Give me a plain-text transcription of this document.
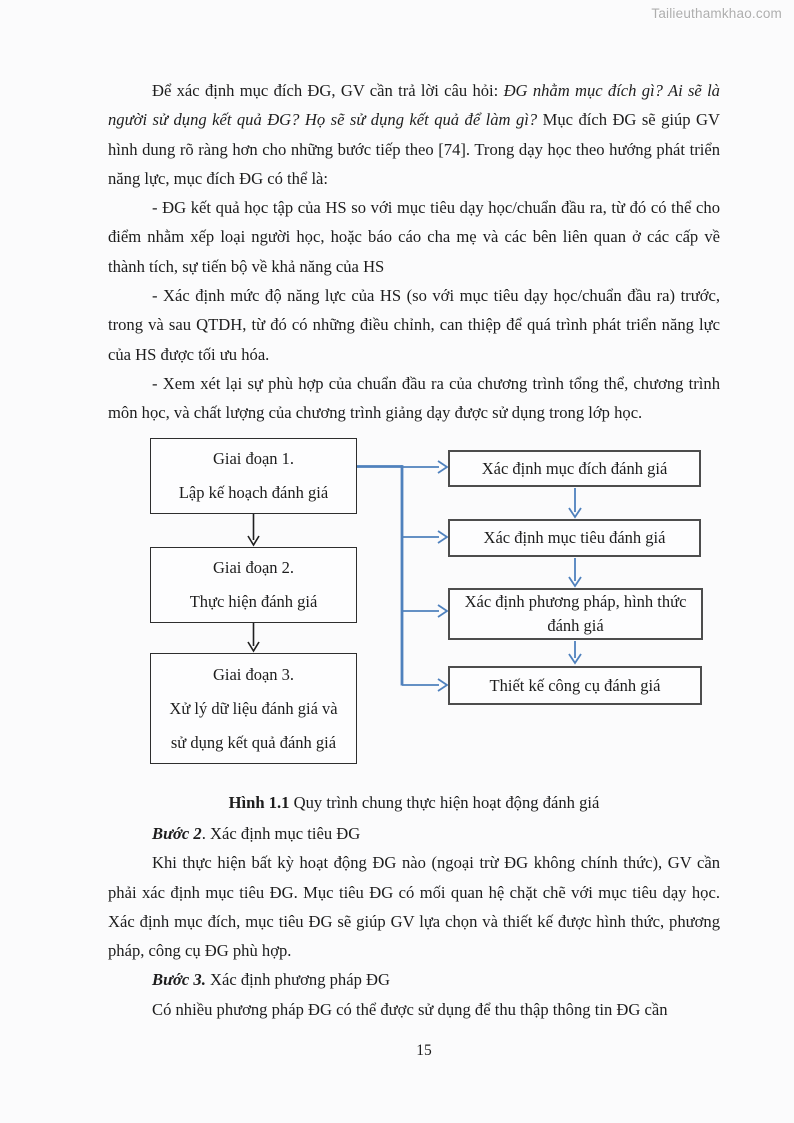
Tailieuthamkhao.com

Để xác định mục đích ĐG, GV cần trả lời câu hỏi: ĐG nhằm mục đích gì? Ai sẽ là người sử dụng kết quả ĐG? Họ sẽ sử dụng kết quả để làm gì? Mục đích ĐG sẽ giúp GV hình dung rõ ràng hơn cho những bước tiếp theo [74]. Trong dạy học theo hướng phát triển năng lực, mục đích ĐG có thể là:

- ĐG kết quả học tập của HS so với mục tiêu dạy học/chuẩn đầu ra, từ đó có thể cho điểm nhằm xếp loại người học, hoặc báo cáo cha mẹ và các bên liên quan ở các cấp về thành tích, sự tiến bộ về khả năng của HS

- Xác định mức độ năng lực của HS (so với mục tiêu dạy học/chuẩn đầu ra) trước, trong và sau QTDH, từ đó có những điều chỉnh, can thiệp để quá trình phát triển năng lực của HS được tối ưu hóa.

- Xem xét lại sự phù hợp của chuẩn đầu ra của chương trình tổng thể, chương trình môn học, và chất lượng của chương trình giảng dạy được sử dụng trong lớp học.

Giai đoạn 1.
Lập kế hoạch đánh giá
Giai đoạn 2.
Thực hiện đánh giá
Giai đoạn 3.
Xử lý dữ liệu đánh giá và
sử dụng kết quả đánh giá
Xác định mục đích đánh giá
Xác định mục tiêu đánh giá
Xác định phương pháp, hình thức đánh giá
Thiết kế công cụ đánh giá
Hình 1.1 Quy trình chung thực hiện hoạt động đánh giá

Bước 2. Xác định mục tiêu ĐG

Khi thực hiện bất kỳ hoạt động ĐG nào (ngoại trừ ĐG không chính thức), GV cần phải xác định mục tiêu ĐG. Mục tiêu ĐG có mối quan hệ chặt chẽ với mục tiêu dạy học. Xác định mục đích, mục tiêu ĐG sẽ giúp GV lựa chọn và thiết kế được hình thức, phương pháp, công cụ ĐG phù hợp.

Bước 3. Xác định phương pháp ĐG

Có nhiều phương pháp ĐG có thể được sử dụng để thu thập thông tin ĐG cần

15
